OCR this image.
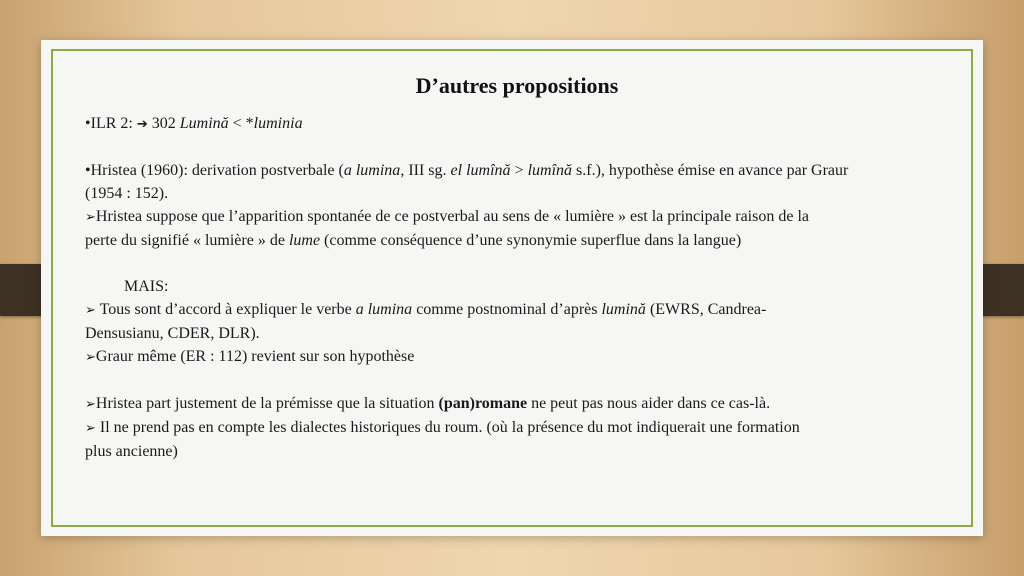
D’autres propositions

•ILR 2: ➔ 302 Lumină < *luminia

•Hristea (1960): derivation postverbale (a lumina, III sg. el lumînă > lumînă s.f.), hypothèse émise en avance par Graur
(1954 : 152).

➢Hristea suppose que l’apparition spontanée de ce postverbal au sens de « lumière » est la principale raison de la
perte du signifié « lumière » de lume (comme conséquence d’une synonymie superflue dans la langue)

MAIS:

➢ Tous sont d’accord à expliquer le verbe a lumina comme postnominal d’après lumină (EWRS, Candrea-
Densusianu, CDER, DLR).

➢Graur même (ER : 112) revient sur son hypothèse

➢Hristea part justement de la prémisse que la situation (pan)romane ne peut pas nous aider dans ce cas-là.

➢ Il ne prend pas en compte les dialectes historiques du roum. (où la présence du mot indiquerait une formation
plus ancienne)
